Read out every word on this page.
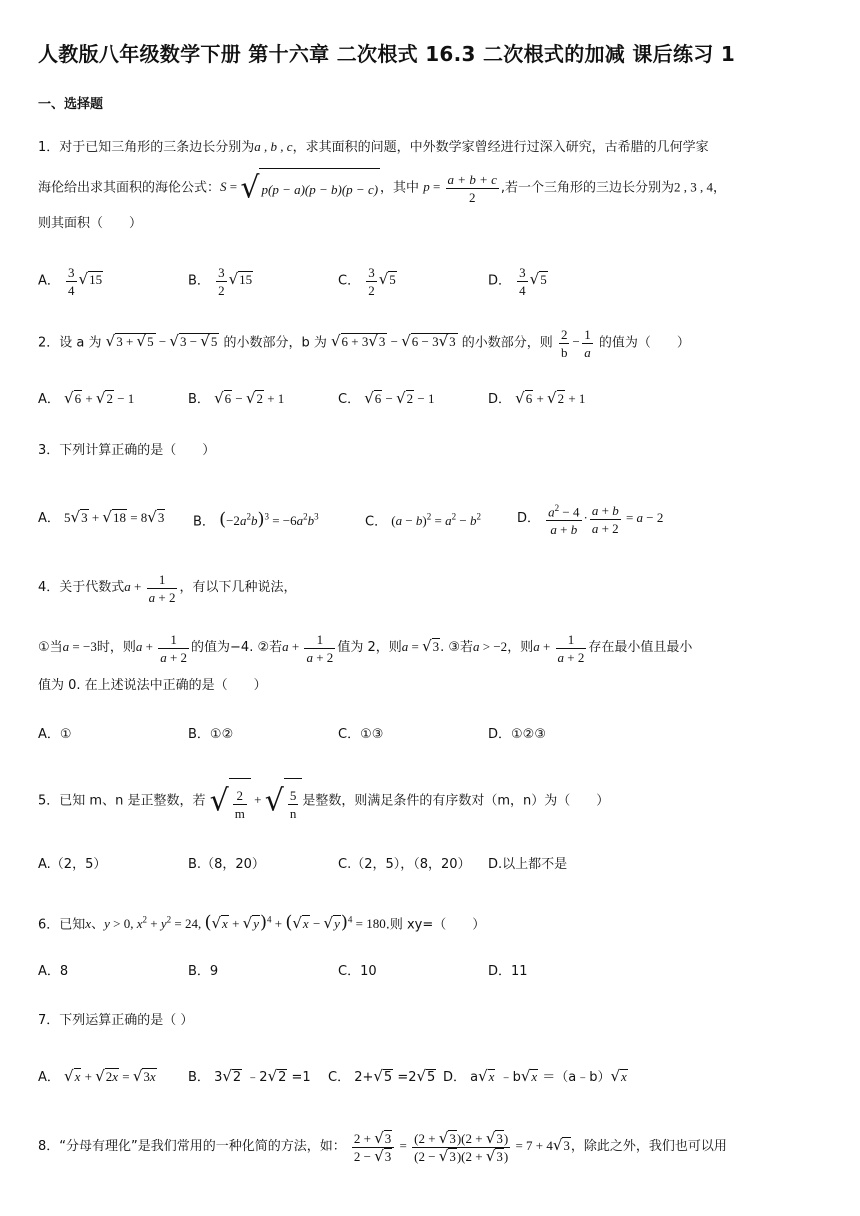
人教版八年级数学下册 第十六章 二次根式 16.3 二次根式的加减 课后练习 1
一、选择题
1．对于已知三角形的三条边长分别为a , b , c，求其面积的问题，中外数学家曾经进行过深入研究，古希腊的几何学家
海伦给出求其面积的海伦公式：S = √ p(p − a)(p − b)(p − c) ，其中 $p = \frac{a + b + c}{2}$ ,若一个三角形的三边长分别为2 , 3 , 4，
则其面积（　　）
A． $\frac{3}{4} √15$	B． $\frac{3}{2} √15$	C． $\frac{3}{2} √5$	D． $\frac{3}{4} √5$
2．设 a 为 √3 + √5 − √3 − √5 的小数部分，b 为 √6 + 3√3 − √6 − 3√3 的小数部分，则 $\frac{2}{b} - \frac{1}{a}$ 的值为（　　）
A． √6 + √2 − 1	B． √6 − √2 + 1	C． √6 − √2 − 1	D． √6 + √2 + 1
3．下列计算正确的是（　　）
A． 5√3 + √18 = 8√3 B． $(-2a^2b)^3 = -6a^2b^3$	C． $(a - b)^2 = a^2 - b^2$	D． $\frac{a^2 - 4}{a + b} \cdot \frac{a + b}{a + 2} = a - 2$
4．关于代数式$a + \frac{1}{a + 2}$ ，有以下几种说法，
①当a = −3时，则$a + \frac{1}{a + 2}$ 的值为−4. ②若$a + \frac{1}{a + 2}$ 值为 2，则a = √3. ③若a > −2，则$a + \frac{1}{a + 2}$ 存在最小值且最小
值为 0. 在上述说法中正确的是（　　）
A．①	B．①②	C．①③	D．①②③
5．已知 m、n 是正整数，若 √ $\frac{2}{m}$ + √ $\frac{5}{n}$ 是整数，则满足条件的有序数对（m，n）为（　　）
A.（2，5）	B.（8，20）	C.（2，5），（8，20） D.以上都不是
6．已知x、y > 0, $x^2 + y^2 = 24$, $(√x + √y)^4 + (√x - √y)^4 = 180$.则 xy=（　　）
A．8	B．9	C．10	D．11
7．下列运算正确的是（ ）
A． √x + √2x = √3x B． 3√2 ﹣2√2 =1 C． 2+√5 =2√5 D． a√x ﹣b√x ＝（a﹣b）√x
8．“分母有理化”是我们常用的一种化简的方法，如： $\frac{2 + √3}{2 - √3} = \frac{(2 + √3)(2 + √3)}{(2 - √3)(2 + √3)} = 7 + 4√3$，除此之外，我们也可以用
